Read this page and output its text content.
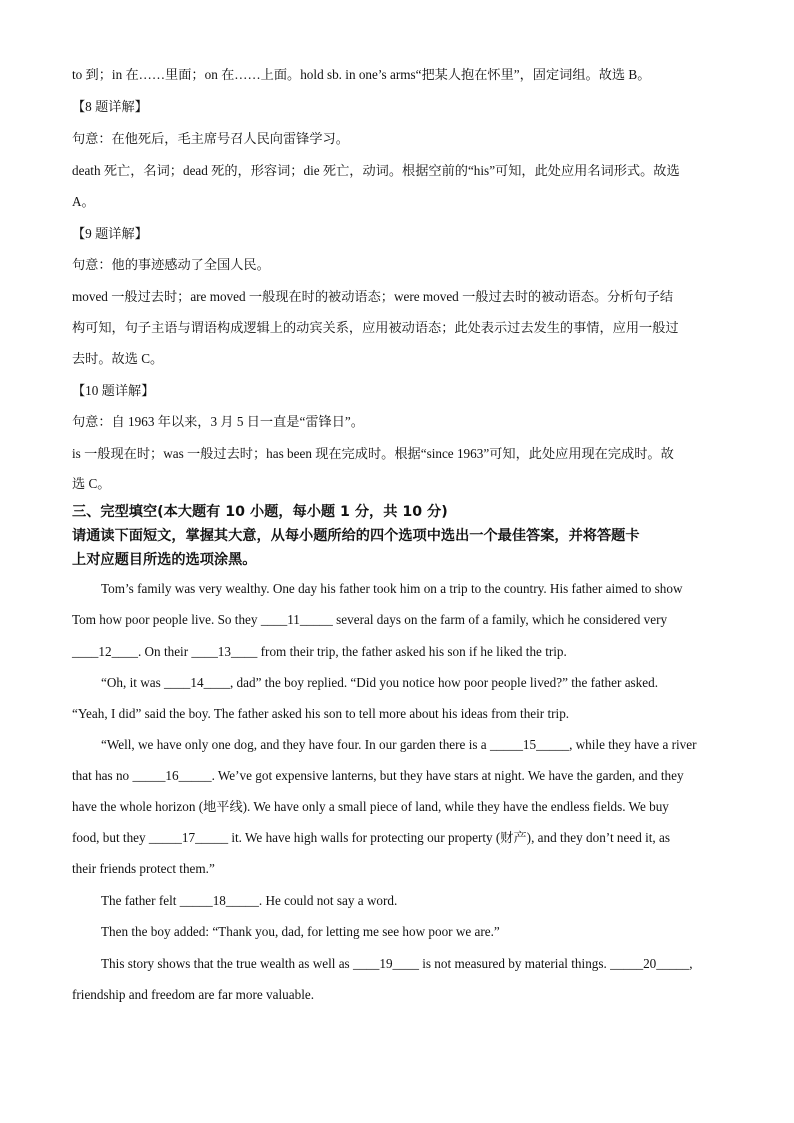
to 到；in 在……里面；on 在……上面。hold sb. in one’s arms“把某人抱在怀里”，固定词组。故选 B。
【8 题详解】
句意：在他死后，毛主席号召人民向雷锋学习。
death 死亡，名词；dead 死的，形容词；die 死亡，动词。根据空前的“his”可知，此处应用名词形式。故选
A。
【9 题详解】
句意：他的事迹感动了全国人民。
moved 一般过去时；are moved 一般现在时的被动语态；were moved 一般过去时的被动语态。分析句子结
构可知，句子主语与谓语构成逻辑上的动宾关系，应用被动语态；此处表示过去发生的事情，应用一般过
去时。故选 C。
【10 题详解】
句意：自 1963 年以来，3 月 5 日一直是“雷锋日”。
is 一般现在时；was 一般过去时；has been 现在完成时。根据“since 1963”可知，此处应用现在完成时。故
选 C。
三、完型填空(本大题有 10 小题，每小题 1 分，共 10 分)
请通读下面短文，掌握其大意，从每小题所给的四个选项中选出一个最佳答案，并将答题卡
上对应题目所选的选项涂黑。
Tom’s family was very wealthy. One day his father took him on a trip to the country. His father aimed to show
Tom how poor people live. So they ____11_____ several days on the farm of a family, which he considered very
____12____. On their ____13____ from their trip, the father asked his son if he liked the trip.
“Oh, it was ____14____, dad” the boy replied. “Did you notice how poor people lived?” the father asked.
“Yeah, I did” said the boy. The father asked his son to tell more about his ideas from their trip.
“Well, we have only one dog, and they have four. In our garden there is a _____15_____, while they have a river
that has no _____16_____. We’ve got expensive lanterns, but they have stars at night. We have the garden, and they
have the whole horizon (地平线). We have only a small piece of land, while they have the endless fields. We buy
food, but they _____17_____ it. We have high walls for protecting our property (财产), and they don’t need it, as
their friends protect them.”
The father felt _____18_____. He could not say a word.
Then the boy added: “Thank you, dad, for letting me see how poor we are.”
This story shows that the true wealth as well as ____19____ is not measured by material things. _____20_____,
friendship and freedom are far more valuable.
